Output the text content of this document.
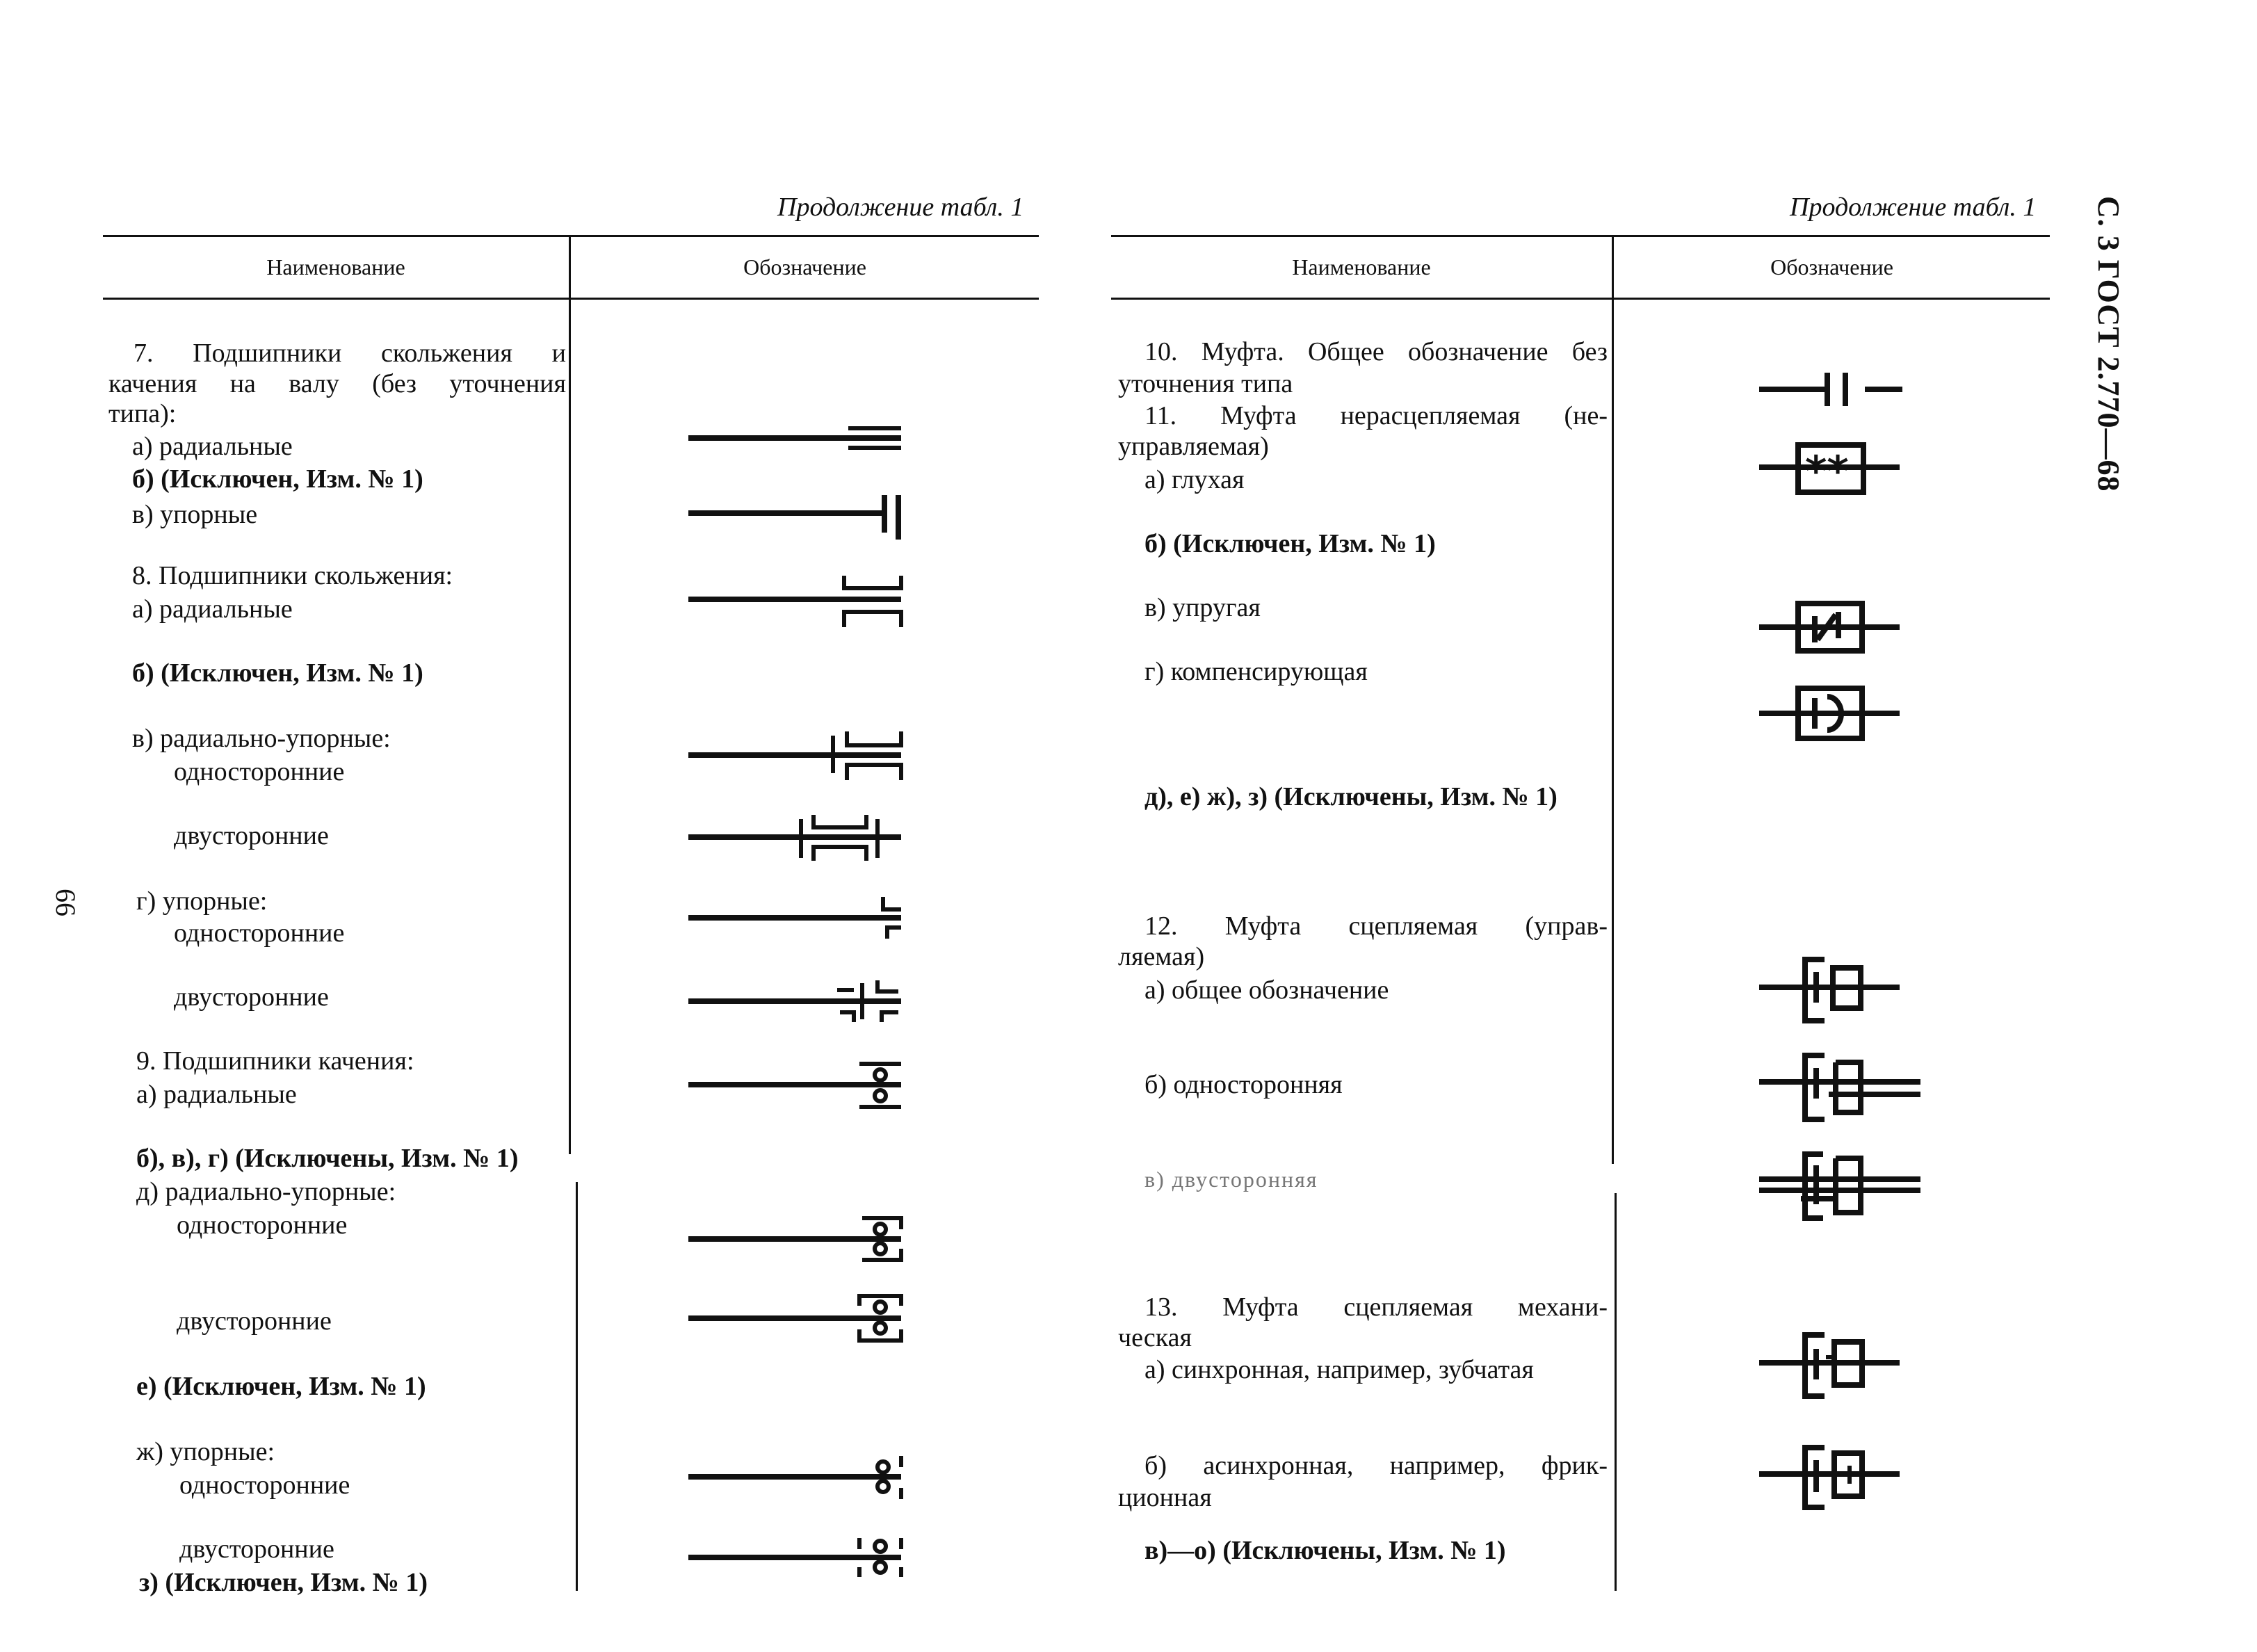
Продолжение табл. 1
Наименование	Обозначение
7. Подшипники скольжения и
качения на валу (без уточнения
типа):
а) радиальные
б) (Исключен, Изм. № 1)
в) упорные
8. Подшипники скольжения:
а) радиальные
б) (Исключен, Изм. № 1)
в) радиально-упорные:
односторонние
двусторонние
г) упорные:
односторонние
двусторонние
9. Подшипники качения:
а) радиальные
б), в), г) (Исключены, Изм. № 1)
д) радиально-упорные:
односторонние
двусторонние
е) (Исключен, Изм. № 1)
ж) упорные:
односторонние
двусторонние
з) (Исключен, Изм. № 1)
Продолжение табл. 1
Наименование	Обозначение
10. Муфта. Общее обозначение без
уточнения типа
11. Муфта нерасцепляемая (не-
управляемая)
а) глухая
б) (Исключен, Изм. № 1)
в) упругая
г) компенсирующая
д), е) ж), з) (Исключены, Изм. № 1)
12. Муфта сцепляемая (управ-
ляемая)
а) общее обозначение
б) односторонняя
в) двусторонняя
13. Муфта сцепляемая механи-
ческая
а) синхронная, например, зубчатая
б) асинхронная, например, фрик-
ционная
в)—о) (Исключены, Изм. № 1)
**
66
С. 3 ГОСТ 2.770—68
